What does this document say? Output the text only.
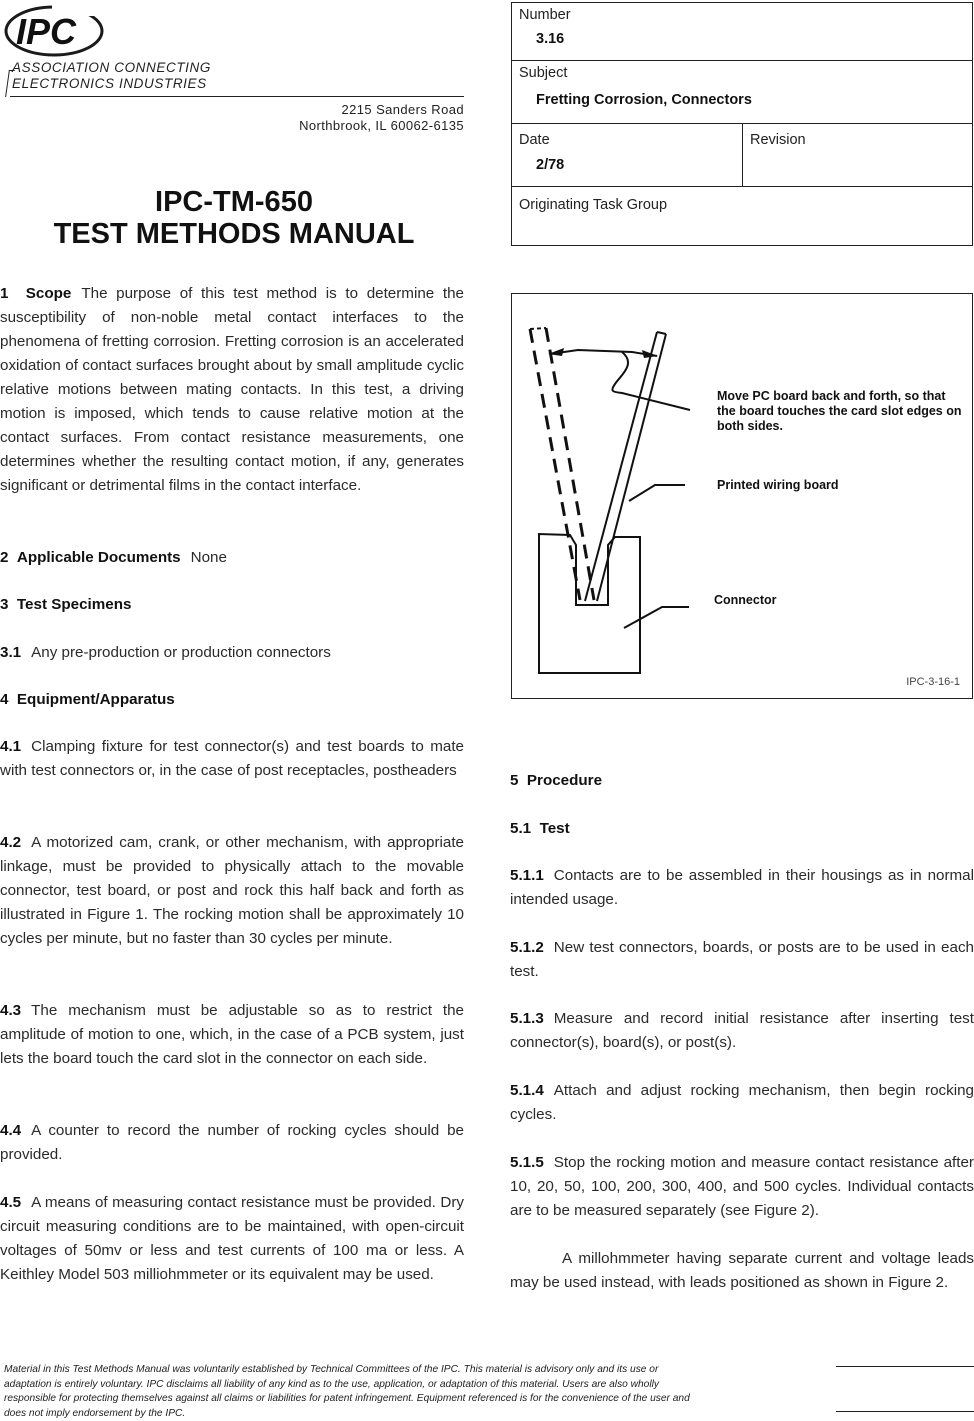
IPC
ASSOCIATION CONNECTING
ELECTRONICS INDUSTRIES
2215 Sanders Road
Northbrook, IL 60062-6135
IPC-TM-650
TEST METHODS MANUAL
Number
3.16
Subject
Fretting Corrosion, Connectors
Date
2/78
Revision
Originating Task Group

1 Scope The purpose of this test method is to determine the susceptibility of non-noble metal contact interfaces to the phenomena of fretting corrosion. Fretting corrosion is an accelerated oxidation of contact surfaces brought about by small amplitude cyclic relative motions between mating contacts. In this test, a driving motion is imposed, which tends to cause relative motion at the contact surfaces. From contact resistance measurements, one determines whether the resulting contact motion, if any, generates significant or detrimental films in the contact interface.

2 Applicable Documents None

3 Test Specimens

3.1 Any pre-production or production connectors

4 Equipment/Apparatus

4.1 Clamping fixture for test connector(s) and test boards to mate with test connectors or, in the case of post receptacles, postheaders

4.2 A motorized cam, crank, or other mechanism, with appropriate linkage, must be provided to physically attach to the movable connector, test board, or post and rock this half back and forth as illustrated in Figure 1. The rocking motion shall be approximately 10 cycles per minute, but no faster than 30 cycles per minute.

4.3 The mechanism must be adjustable so as to restrict the amplitude of motion to one, which, in the case of a PCB system, just lets the board touch the card slot in the connector on each side.

4.4 A counter to record the number of rocking cycles should be provided.

4.5 A means of measuring contact resistance must be provided. Dry circuit measuring conditions are to be maintained, with open-circuit voltages of 50mv or less and test currents of 100 ma or less. A Keithley Model 503 milliohmmeter or its equivalent may be used.

Move PC board back and forth, so that the board touches the card slot edges on both sides.
Printed wiring board
Connector
IPC-3-16-1

5 Procedure

5.1 Test

5.1.1 Contacts are to be assembled in their housings as in normal intended usage.

5.1.2 New test connectors, boards, or posts are to be used in each test.

5.1.3 Measure and record initial resistance after inserting test connector(s), board(s), or post(s).

5.1.4 Attach and adjust rocking mechanism, then begin rocking cycles.

5.1.5 Stop the rocking motion and measure contact resistance after 10, 20, 50, 100, 200, 300, 400, and 500 cycles. Individual contacts are to be measured separately (see Figure 2).

A millohmmeter having separate current and voltage leads may be used instead, with leads positioned as shown in Figure 2.

Material in this Test Methods Manual was voluntarily established by Technical Committees of the IPC. This material is advisory only and its use or adaptation is entirely voluntary. IPC disclaims all liability of any kind as to the use, application, or adaptation of this material. Users are also wholly responsible for protecting themselves against all claims or liabilities for patent infringement. Equipment referenced is for the convenience of the user and does not imply endorsement by the IPC.
